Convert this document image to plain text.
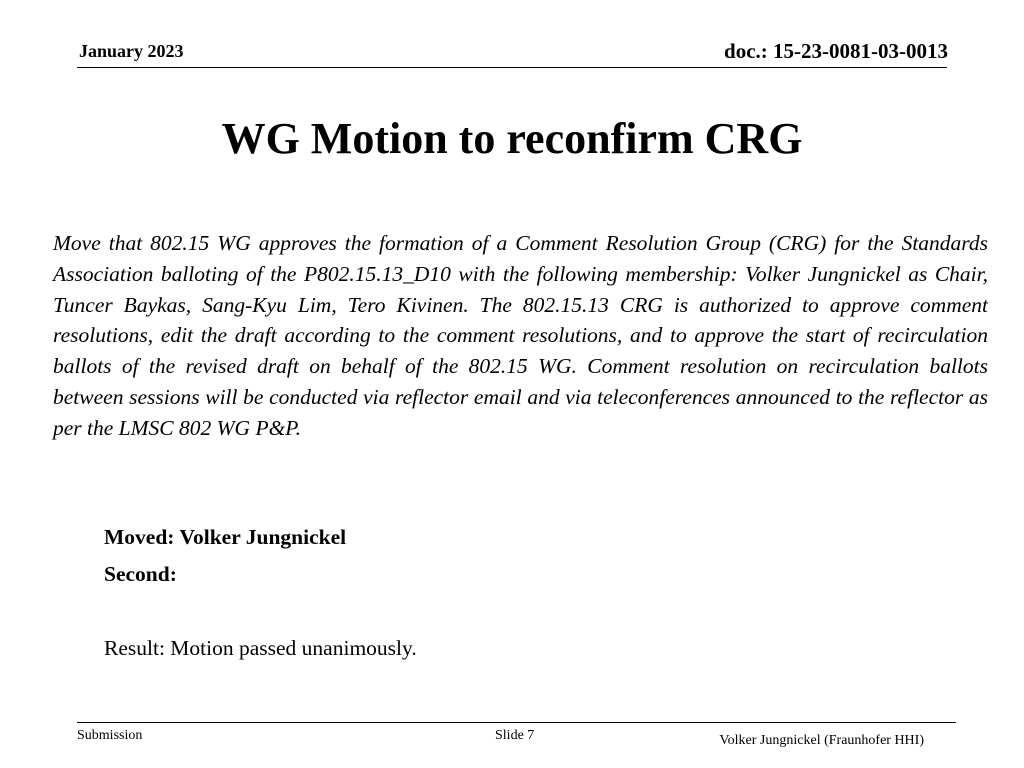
January 2023	doc.: 15-23-0081-03-0013
WG Motion to reconfirm CRG
Move that 802.15 WG approves the formation of a Comment Resolution Group (CRG) for the Standards Association balloting of the P802.15.13_D10 with the following membership: Volker Jungnickel as Chair, Tuncer Baykas, Sang-Kyu Lim, Tero Kivinen. The 802.15.13 CRG is authorized to approve comment resolutions, edit the draft according to the comment resolutions, and to approve the start of recirculation ballots of the revised draft on behalf of the 802.15 WG. Comment resolution on recirculation ballots between sessions will be conducted via reflector email and via teleconferences announced to the reflector as per the LMSC 802 WG P&P.
Moved: Volker Jungnickel
Second:
Result: Motion passed unanimously.
Submission	Slide 7	Volker Jungnickel (Fraunhofer HHI)
